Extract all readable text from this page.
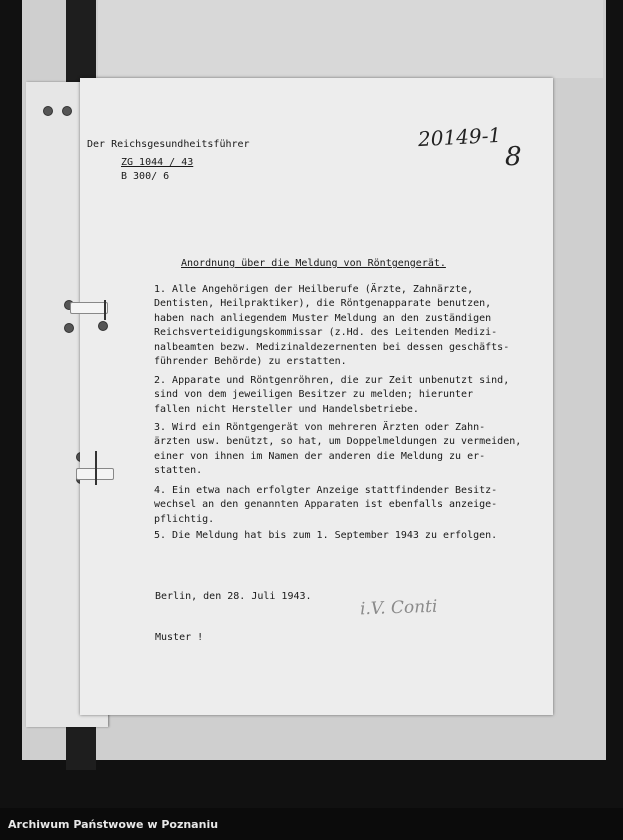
Der Reichsgesundheitsführer
ZG 1044 / 43
B 300/ 6
20149-1
8
Anordnung über die Meldung von Röntgengerät.
1. Alle Angehörigen der Heilberufe (Ärzte, Zahnärzte,
Dentisten, Heilpraktiker), die Röntgenapparate benutzen,
haben nach anliegendem Muster Meldung an den zuständigen
Reichsverteidigungskommissar (z.Hd. des Leitenden Medizi-
nalbeamten bezw. Medizinaldezernenten bei dessen geschäfts-
führender Behörde) zu erstatten.
2. Apparate und Röntgenröhren, die zur Zeit unbenutzt sind,
sind von dem jeweiligen Besitzer zu melden; hierunter
fallen nicht Hersteller und Handelsbetriebe.
3. Wird ein Röntgengerät von mehreren Ärzten oder Zahn-
ärzten usw. benützt, so hat, um Doppelmeldungen zu vermeiden,
einer von ihnen im Namen der anderen die Meldung zu er-
statten.
4. Ein etwa nach erfolgter Anzeige stattfindender Besitz-
wechsel an den genannten Apparaten ist ebenfalls anzeige-
pflichtig.
5. Die Meldung hat bis zum 1. September 1943 zu erfolgen.
Berlin, den 28. Juli 1943.
i.V. Conti
Muster !
Archiwum Państwowe w Poznaniu
